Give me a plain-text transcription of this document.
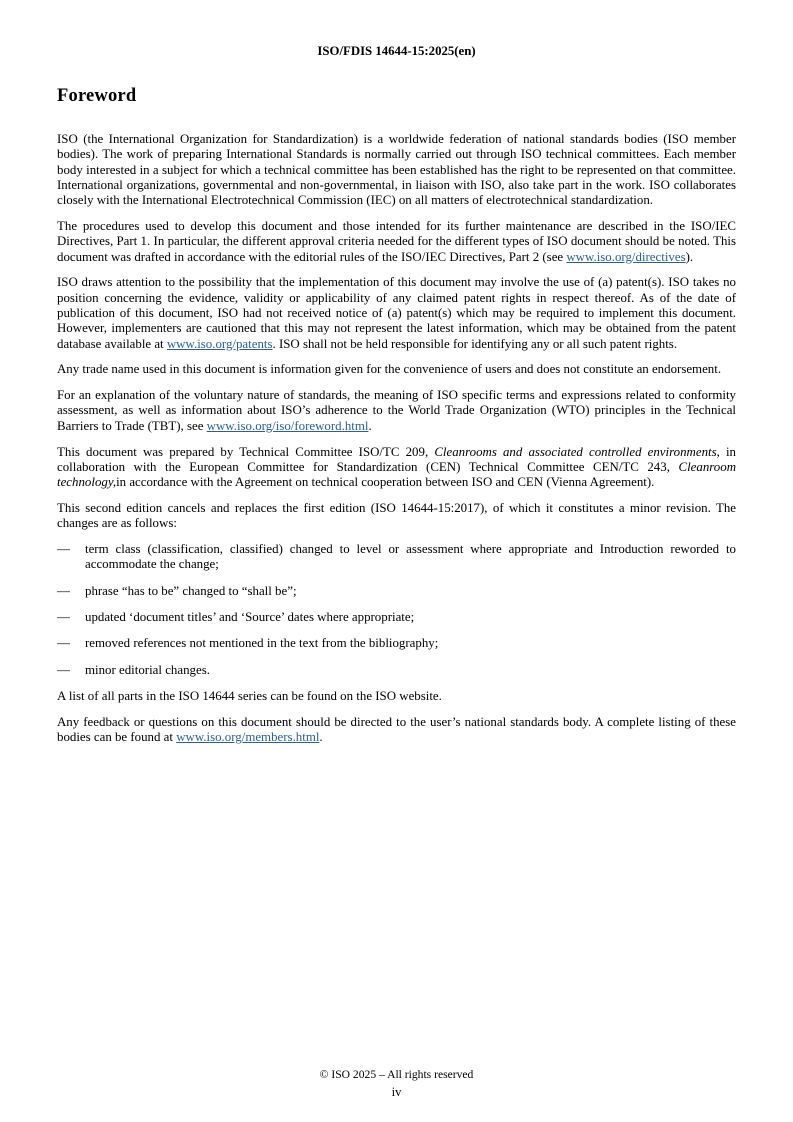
ISO/FDIS 14644-15:2025(en)
Foreword

ISO (the International Organization for Standardization) is a worldwide federation of national standards bodies (ISO member bodies). The work of preparing International Standards is normally carried out through ISO technical committees. Each member body interested in a subject for which a technical committee has been established has the right to be represented on that committee. International organizations, governmental and non-governmental, in liaison with ISO, also take part in the work. ISO collaborates closely with the International Electrotechnical Commission (IEC) on all matters of electrotechnical standardization.

The procedures used to develop this document and those intended for its further maintenance are described in the ISO/IEC Directives, Part 1. In particular, the different approval criteria needed for the different types of ISO document should be noted. This document was drafted in accordance with the editorial rules of the ISO/IEC Directives, Part 2 (see www.iso.org/directives).

ISO draws attention to the possibility that the implementation of this document may involve the use of (a) patent(s). ISO takes no position concerning the evidence, validity or applicability of any claimed patent rights in respect thereof. As of the date of publication of this document, ISO had not received notice of (a) patent(s) which may be required to implement this document. However, implementers are cautioned that this may not represent the latest information, which may be obtained from the patent database available at www.iso.org/patents. ISO shall not be held responsible for identifying any or all such patent rights.

Any trade name used in this document is information given for the convenience of users and does not constitute an endorsement.

For an explanation of the voluntary nature of standards, the meaning of ISO specific terms and expressions related to conformity assessment, as well as information about ISO’s adherence to the World Trade Organization (WTO) principles in the Technical Barriers to Trade (TBT), see www.iso.org/iso/foreword.html.

This document was prepared by Technical Committee ISO/TC 209, Cleanrooms and associated controlled environments, in collaboration with the European Committee for Standardization (CEN) Technical Committee CEN/TC 243, Cleanroom technology,in accordance with the Agreement on technical cooperation between ISO and CEN (Vienna Agreement).

This second edition cancels and replaces the first edition (ISO 14644-15:2017), of which it constitutes a minor revision. The changes are as follows:

— term class (classification, classified) changed to level or assessment where appropriate and Introduction reworded to accommodate the change;
— phrase “has to be” changed to “shall be”;
— updated ‘document titles’ and ‘Source’ dates where appropriate;
— removed references not mentioned in the text from the bibliography;
— minor editorial changes.

A list of all parts in the ISO 14644 series can be found on the ISO website.

Any feedback or questions on this document should be directed to the user’s national standards body. A complete listing of these bodies can be found at www.iso.org/members.html.

© ISO 2025 – All rights reserved
iv
